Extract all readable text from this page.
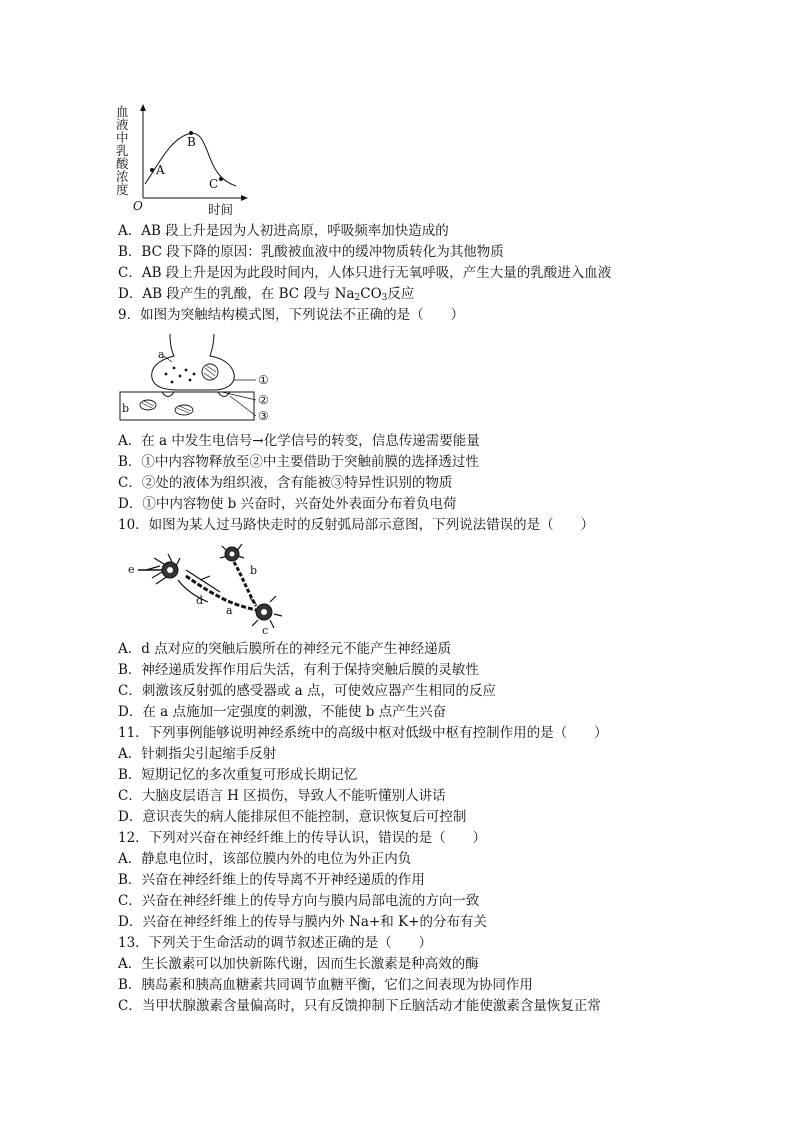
血
液
中
乳
酸
浓
度
O	时间
A
B
C
A．AB 段上升是因为人初进高原，呼吸频率加快造成的
B．BC 段下降的原因：乳酸被血液中的缓冲物质转化为其他物质
C．AB 段上升是因为此段时间内，人体只进行无氧呼吸，产生大量的乳酸进入血液
D．AB 段产生的乳酸，在 BC 段与 $Na_2CO_3$反应
9．如图为突触结构模式图，下列说法不正确的是（　　）
a
b
①
②
③
A．在 a 中发生电信号→化学信号的转变，信息传递需要能量
B．①中内容物释放至②中主要借助于突触前膜的选择透过性
C．②处的液体为组织液，含有能被③特异性识别的物质
D．①中内容物使 b 兴奋时，兴奋处外表面分布着负电荷
10．如图为某人过马路快走时的反射弧局部示意图，下列说法错误的是（　　）
e	b
d
a
c
A．d 点对应的突触后膜所在的神经元不能产生神经递质
B．神经递质发挥作用后失活，有利于保持突触后膜的灵敏性
C．刺激该反射弧的感受器或 a 点，可使效应器产生相同的反应
D．在 a 点施加一定强度的刺激，不能使 b 点产生兴奋
11．下列事例能够说明神经系统中的高级中枢对低级中枢有控制作用的是（　　）
A．针刺指尖引起缩手反射
B．短期记忆的多次重复可形成长期记忆
C．大脑皮层语言 H 区损伤，导致人不能听懂别人讲话
D．意识丧失的病人能排尿但不能控制，意识恢复后可控制
12．下列对兴奋在神经纤维上的传导认识，错误的是（　　）
A．静息电位时，该部位膜内外的电位为外正内负
B．兴奋在神经纤维上的传导离不开神经递质的作用
C．兴奋在神经纤维上的传导方向与膜内局部电流的方向一致
D．兴奋在神经纤维上的传导与膜内外 Na+和 K+的分布有关
13．下列关于生命活动的调节叙述正确的是（　　）
A．生长激素可以加快新陈代谢，因而生长激素是种高效的酶
B．胰岛素和胰高血糖素共同调节血糖平衡，它们之间表现为协同作用
C．当甲状腺激素含量偏高时，只有反馈抑制下丘脑活动才能使激素含量恢复正常
